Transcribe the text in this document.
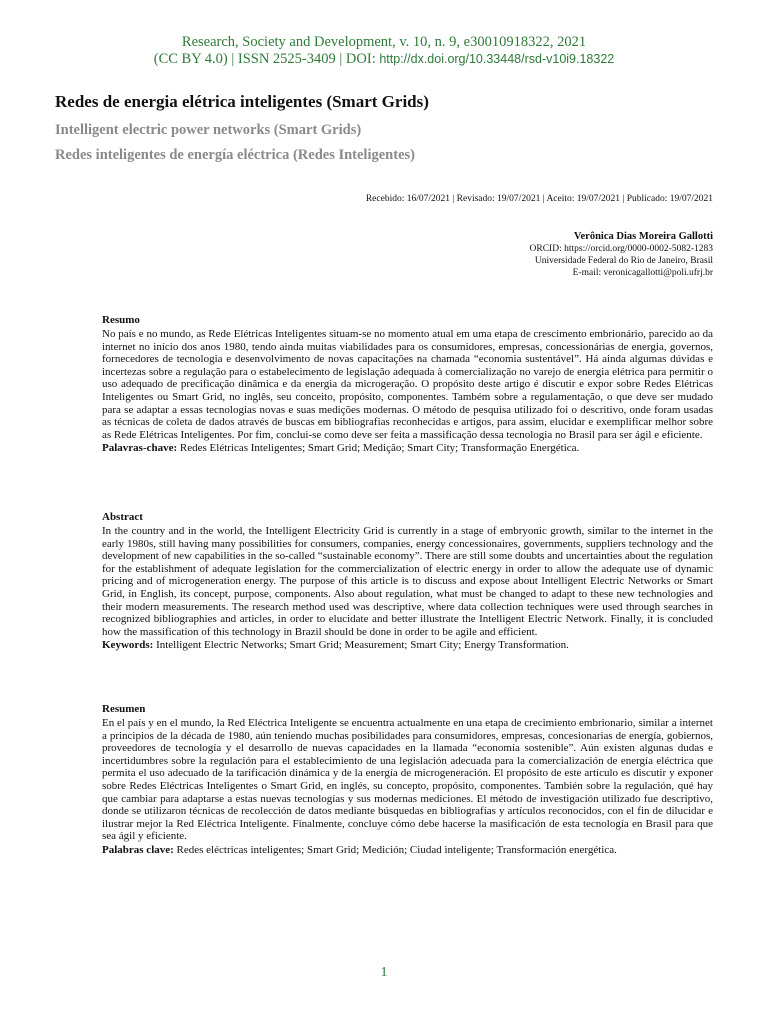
Research, Society and Development, v. 10, n. 9, e30010918322, 2021
(CC BY 4.0) | ISSN 2525-3409 | DOI: http://dx.doi.org/10.33448/rsd-v10i9.18322
Redes de energia elétrica inteligentes (Smart Grids)
Intelligent electric power networks (Smart Grids)
Redes inteligentes de energía eléctrica (Redes Inteligentes)
Recebido: 16/07/2021 | Revisado: 19/07/2021 | Aceito: 19/07/2021 | Publicado: 19/07/2021
Verônica Dias Moreira Gallotti
ORCID: https://orcid.org/0000-0002-5082-1283
Universidade Federal do Rio de Janeiro, Brasil
E-mail: veronicagallotti@poli.ufrj.br
Resumo

No país e no mundo, as Rede Elétricas Inteligentes situam-se no momento atual em uma etapa de crescimento embrionário, parecido ao da internet no início dos anos 1980, tendo ainda muitas viabilidades para os consumidores, empresas, concessionárias de energia, governos, fornecedores de tecnologia e desenvolvimento de novas capacitações na chamada “economia sustentável”. Há ainda algumas dúvidas e incertezas sobre a regulação para o estabelecimento de legislação adequada à comercialização no varejo de energia elétrica para permitir o uso adequado de precificação dinâmica e da energia da microgeração. O propósito deste artigo é discutir e expor sobre Redes Elétricas Inteligentes ou Smart Grid, no inglês, seu conceito, propósito, componentes. Também sobre a regulamentação, o que deve ser mudado para se adaptar a essas tecnologias novas e suas medições modernas. O método de pesquisa utilizado foi o descritivo, onde foram usadas as técnicas de coleta de dados através de buscas em bibliografias reconhecidas e artigos, para assim, elucidar e exemplificar melhor sobre as Rede Elétricas Inteligentes. Por fim, conclui-se como deve ser feita a massificação dessa tecnologia no Brasil para ser ágil e eficiente.

Palavras-chave: Redes Elétricas Inteligentes; Smart Grid; Medição; Smart City; Transformação Energética.
Abstract

In the country and in the world, the Intelligent Electricity Grid is currently in a stage of embryonic growth, similar to the internet in the early 1980s, still having many possibilities for consumers, companies, energy concessionaires, governments, suppliers technology and the development of new capabilities in the so-called “sustainable economy”. There are still some doubts and uncertainties about the regulation for the establishment of adequate legislation for the commercialization of electric energy in order to allow the adequate use of dynamic pricing and of microgeneration energy. The purpose of this article is to discuss and expose about Intelligent Electric Networks or Smart Grid, in English, its concept, purpose, components. Also about regulation, what must be changed to adapt to these new technologies and their modern measurements. The research method used was descriptive, where data collection techniques were used through searches in recognized bibliographies and articles, in order to elucidate and better illustrate the Intelligent Electric Network. Finally, it is concluded how the massification of this technology in Brazil should be done in order to be agile and efficient.

Keywords: Intelligent Electric Networks; Smart Grid; Measurement; Smart City; Energy Transformation.
Resumen

En el país y en el mundo, la Red Eléctrica Inteligente se encuentra actualmente en una etapa de crecimiento embrionario, similar a internet a principios de la década de 1980, aún teniendo muchas posibilidades para consumidores, empresas, concesionarias de energía, gobiernos, proveedores de tecnología y el desarrollo de nuevas capacidades en la llamada “economía sostenible”. Aún existen algunas dudas e incertidumbres sobre la regulación para el establecimiento de una legislación adecuada para la comercialización de energía eléctrica que permita el uso adecuado de la tarificación dinámica y de la energía de microgeneración. El propósito de este artículo es discutir y exponer sobre Redes Eléctricas Inteligentes o Smart Grid, en inglés, su concepto, propósito, componentes. También sobre la regulación, qué hay que cambiar para adaptarse a estas nuevas tecnologías y sus modernas mediciones. El método de investigación utilizado fue descriptivo, donde se utilizaron técnicas de recolección de datos mediante búsquedas en bibliografías y artículos reconocidos, con el fin de dilucidar e ilustrar mejor la Red Eléctrica Inteligente. Finalmente, concluye cómo debe hacerse la masificación de esta tecnología en Brasil para que sea ágil y eficiente.

Palabras clave: Redes eléctricas inteligentes; Smart Grid; Medición; Ciudad inteligente; Transformación energética.
1
